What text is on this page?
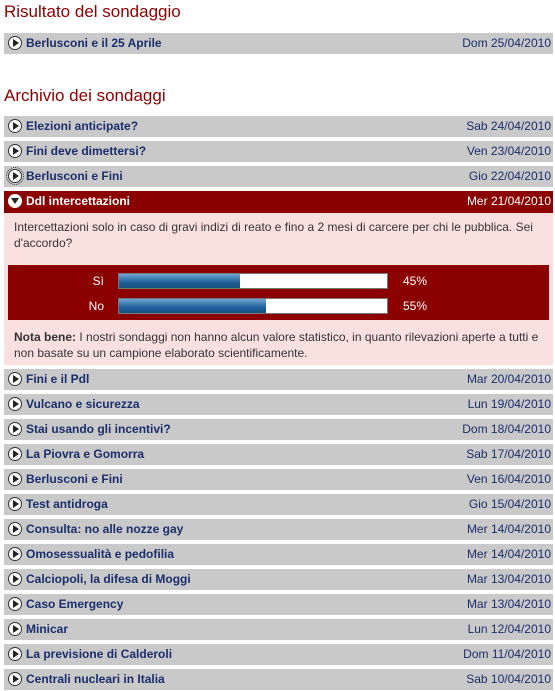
Risultato del sondaggio
Berlusconi e il 25 Aprile	Dom 25/04/2010
Archivio dei sondaggi
Elezioni anticipate?	Sab 24/04/2010
Fini deve dimettersi?	Ven 23/04/2010
Berlusconi e Fini	Gio 22/04/2010
Ddl intercettazioni	Mer 21/04/2010
Intercettazioni solo in caso di gravi indizi di reato e fino a 2 mesi di carcere per chi le pubblica. Sei d'accordo?
Sì	45%
No	55%
Nota bene: I nostri sondaggi non hanno alcun valore statistico, in quanto rilevazioni aperte a tutti e non basate su un campione elaborato scientificamente.
Fini e il Pdl	Mar 20/04/2010
Vulcano e sicurezza	Lun 19/04/2010
Stai usando gli incentivi?	Dom 18/04/2010
La Piovra e Gomorra	Sab 17/04/2010
Berlusconi e Fini	Ven 16/04/2010
Test antidroga	Gio 15/04/2010
Consulta: no alle nozze gay	Mer 14/04/2010
Omosessualità e pedofilia	Mer 14/04/2010
Calciopoli, la difesa di Moggi	Mar 13/04/2010
Caso Emergency	Mar 13/04/2010
Minicar	Lun 12/04/2010
La previsione di Calderoli	Dom 11/04/2010
Centrali nucleari in Italia	Sab 10/04/2010
